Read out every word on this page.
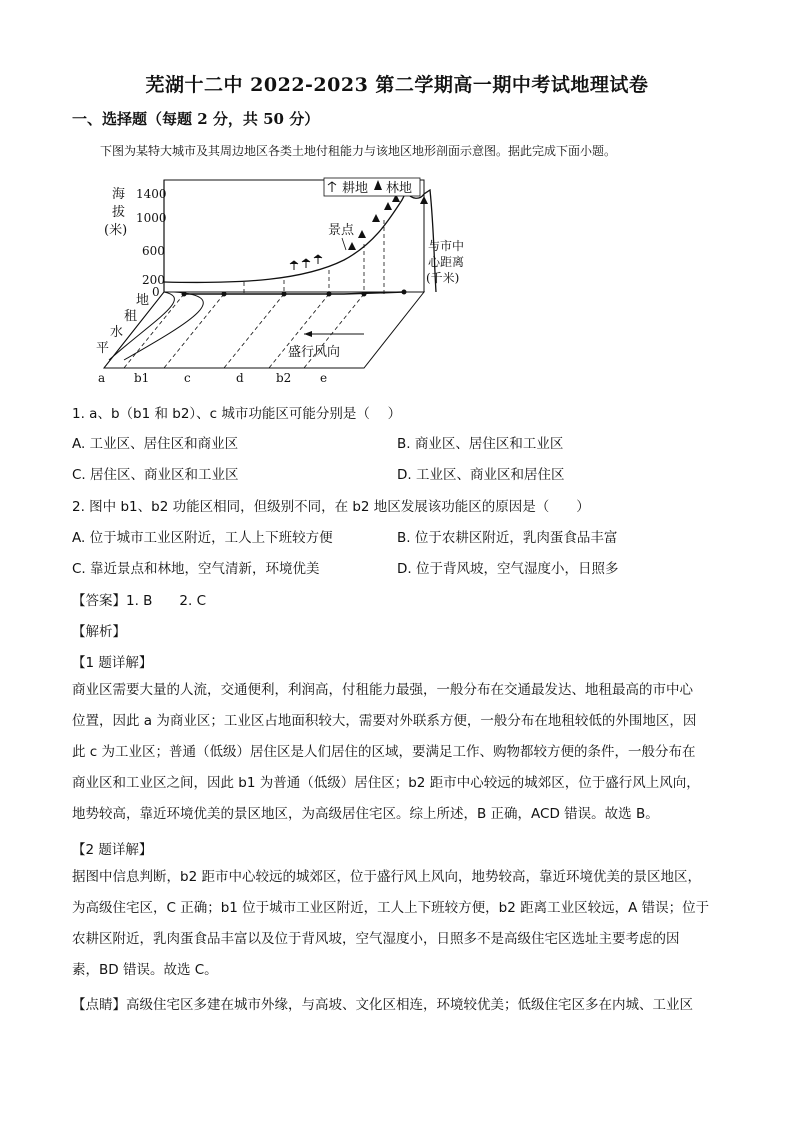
芜湖十二中 2022-2023 第二学期高一期中考试地理试卷
一、选择题（每题 2 分，共 50 分）
下图为某特大城市及其周边地区各类土地付租能力与该地区地形剖面示意图。据此完成下面小题。
1400
1000
600
200
0
海
拔
(米)
耕地 林地
景点
与市中
心距离
(千米)
地
租
水
平	盛行风向
a b1	c	d	b2 e
1. a、b（b1 和 b2）、c 城市功能区可能分别是（　 ）
A. 工业区、居住区和商业区	B. 商业区、居住区和工业区
C. 居住区、商业区和工业区	D. 工业区、商业区和居住区
2. 图中 b1、b2 功能区相同，但级别不同，在 b2 地区发展该功能区的原因是（　　）
A. 位于城市工业区附近，工人上下班较方便	B. 位于农耕区附近，乳肉蛋食品丰富
C. 靠近景点和林地，空气清新，环境优美	D. 位于背风坡，空气湿度小，日照多
【答案】1. B　　2. C
【解析】
【1 题详解】
商业区需要大量的人流，交通便利，利润高，付租能力最强，一般分布在交通最发达、地租最高的市中心
位置，因此 a 为商业区；工业区占地面积较大，需要对外联系方便，一般分布在地租较低的外围地区，因
此 c 为工业区；普通（低级）居住区是人们居住的区域，要满足工作、购物都较方便的条件，一般分布在
商业区和工业区之间，因此 b1 为普通（低级）居住区；b2 距市中心较远的城郊区，位于盛行风上风向，
地势较高，靠近环境优美的景区地区，为高级居住宅区。综上所述，B 正确，ACD 错误。故选 B。
【2 题详解】
据图中信息判断，b2 距市中心较远的城郊区，位于盛行风上风向，地势较高，靠近环境优美的景区地区，
为高级住宅区，C 正确；b1 位于城市工业区附近，工人上下班较方便，b2 距离工业区较远，A 错误；位于
农耕区附近，乳肉蛋食品丰富以及位于背风坡，空气湿度小，日照多不是高级住宅区选址主要考虑的因
素，BD 错误。故选 C。
【点睛】高级住宅区多建在城市外缘，与高坡、文化区相连，环境较优美；低级住宅区多在内城、工业区
